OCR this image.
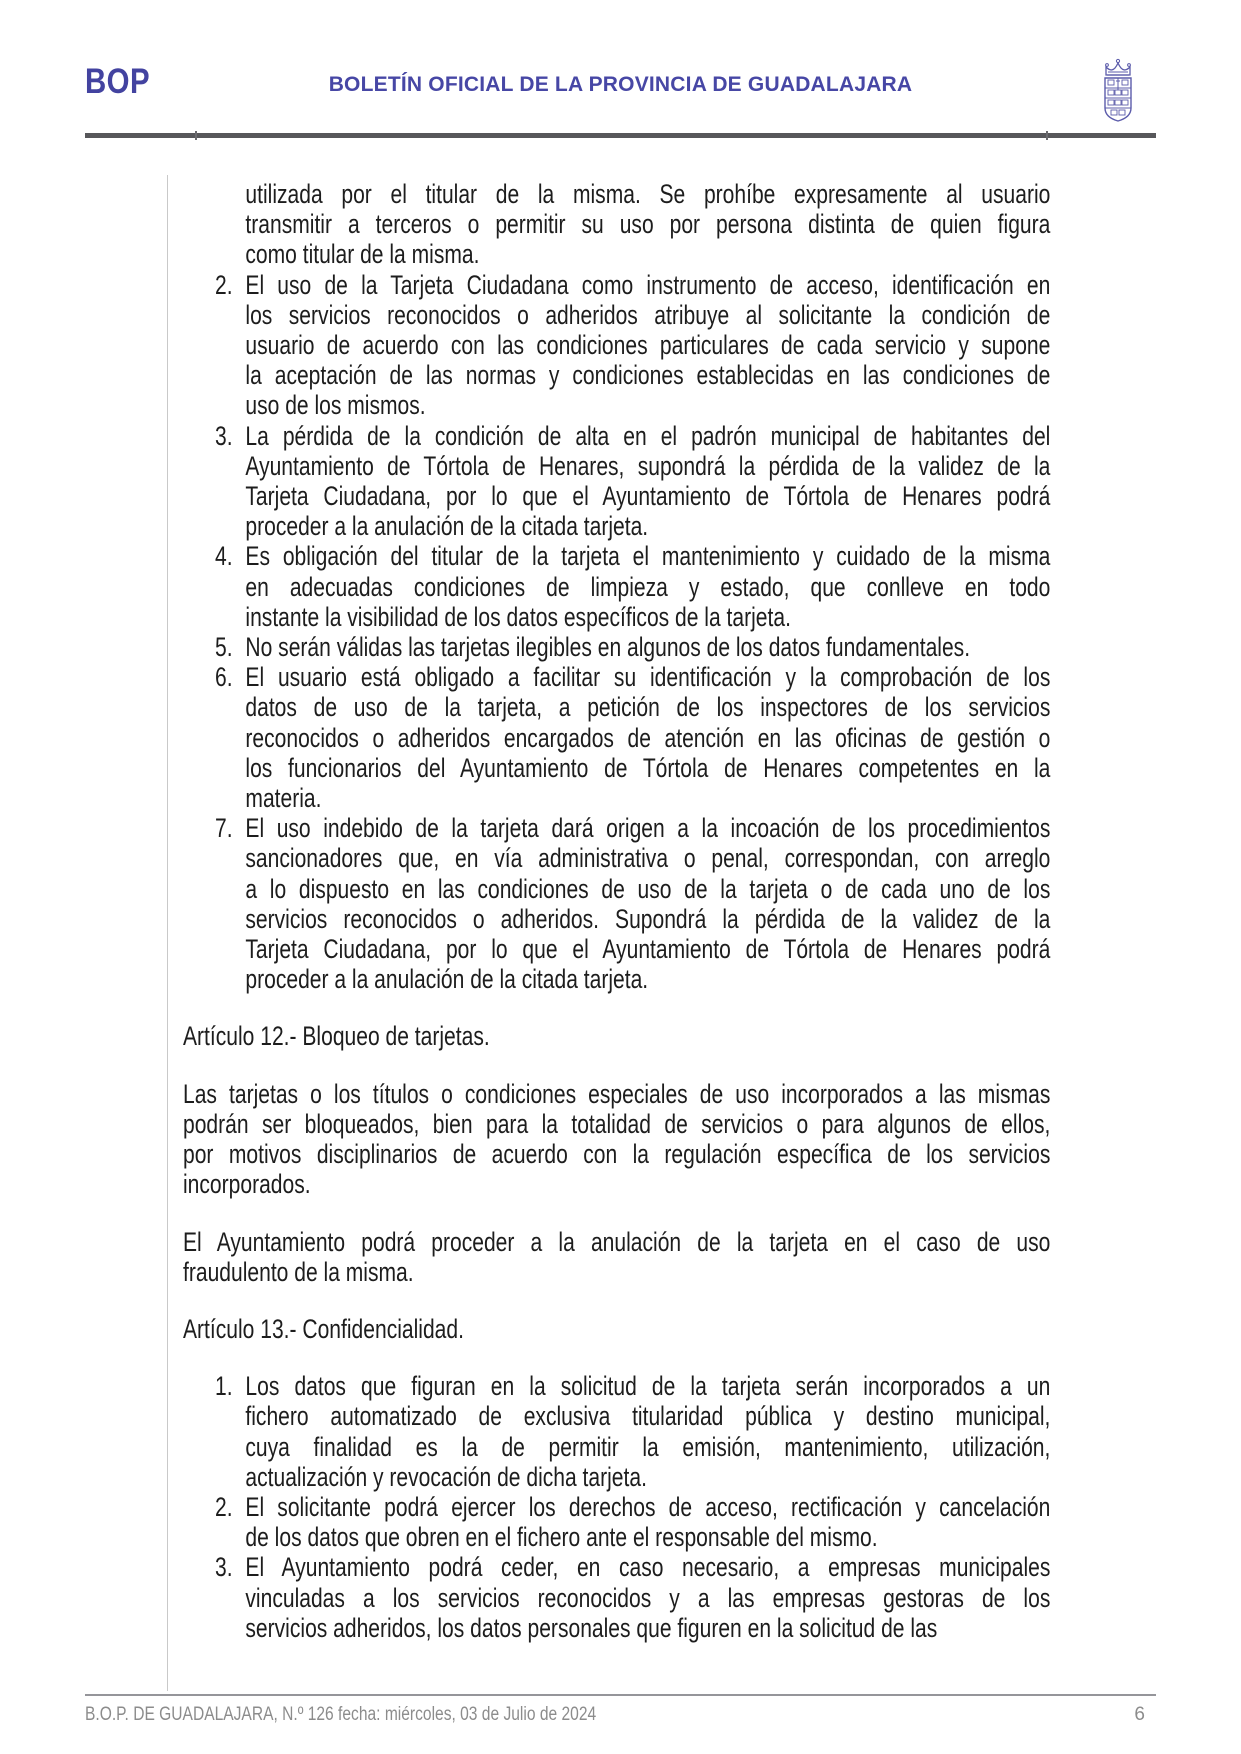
BOP	BOLETÍN OFICIAL DE LA PROVINCIA DE GUADALAJARA
utilizada por el titular de la misma. Se prohíbe expresamente al usuario
transmitir a terceros o permitir su uso por persona distinta de quien figura
como titular de la misma.
2. El uso de la Tarjeta Ciudadana como instrumento de acceso, identificación en
los servicios reconocidos o adheridos atribuye al solicitante la condición de
usuario de acuerdo con las condiciones particulares de cada servicio y supone
la aceptación de las normas y condiciones establecidas en las condiciones de
uso de los mismos.
3. La pérdida de la condición de alta en el padrón municipal de habitantes del
Ayuntamiento de Tórtola de Henares, supondrá la pérdida de la validez de la
Tarjeta Ciudadana, por lo que el Ayuntamiento de Tórtola de Henares podrá
proceder a la anulación de la citada tarjeta.
4. Es obligación del titular de la tarjeta el mantenimiento y cuidado de la misma
en adecuadas condiciones de limpieza y estado, que conlleve en todo
instante la visibilidad de los datos específicos de la tarjeta.
5. No serán válidas las tarjetas ilegibles en algunos de los datos fundamentales.
6. El usuario está obligado a facilitar su identificación y la comprobación de los
datos de uso de la tarjeta, a petición de los inspectores de los servicios
reconocidos o adheridos encargados de atención en las oficinas de gestión o
los funcionarios del Ayuntamiento de Tórtola de Henares competentes en la
materia.
7. El uso indebido de la tarjeta dará origen a la incoación de los procedimientos
sancionadores que, en vía administrativa o penal, correspondan, con arreglo
a lo dispuesto en las condiciones de uso de la tarjeta o de cada uno de los
servicios reconocidos o adheridos. Supondrá la pérdida de la validez de la
Tarjeta Ciudadana, por lo que el Ayuntamiento de Tórtola de Henares podrá
proceder a la anulación de la citada tarjeta.
Artículo 12.- Bloqueo de tarjetas.
Las tarjetas o los títulos o condiciones especiales de uso incorporados a las mismas
podrán ser bloqueados, bien para la totalidad de servicios o para algunos de ellos,
por motivos disciplinarios de acuerdo con la regulación específica de los servicios
incorporados.
El Ayuntamiento podrá proceder a la anulación de la tarjeta en el caso de uso
fraudulento de la misma.
Artículo 13.- Confidencialidad.
1. Los datos que figuran en la solicitud de la tarjeta serán incorporados a un
fichero automatizado de exclusiva titularidad pública y destino municipal,
cuya finalidad es la de permitir la emisión, mantenimiento, utilización,
actualización y revocación de dicha tarjeta.
2. El solicitante podrá ejercer los derechos de acceso, rectificación y cancelación
de los datos que obren en el fichero ante el responsable del mismo.
3. El Ayuntamiento podrá ceder, en caso necesario, a empresas municipales
vinculadas a los servicios reconocidos y a las empresas gestoras de los
servicios adheridos, los datos personales que figuren en la solicitud de las
B.O.P. DE GUADALAJARA, N.º 126 fecha: miércoles, 03 de Julio de 2024	6
